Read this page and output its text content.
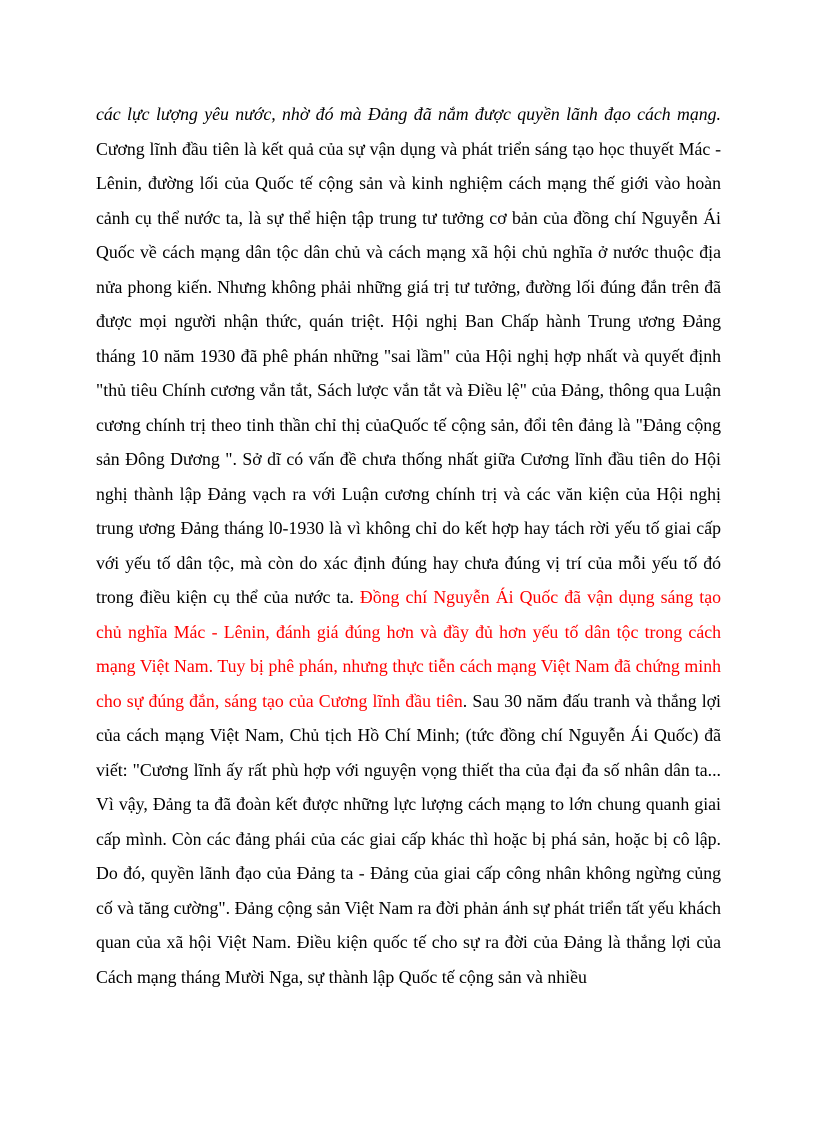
các lực lượng yêu nước, nhờ đó mà Đảng đã nắm được quyền lãnh đạo cách mạng. Cương lĩnh đầu tiên là kết quả của sự vận dụng và phát triển sáng tạo học thuyết Mác - Lênin, đường lối của Quốc tế cộng sản và kinh nghiệm cách mạng thế giới vào hoàn cảnh cụ thể nước ta, là sự thể hiện tập trung tư tưởng cơ bản của đồng chí Nguyễn Ái Quốc về cách mạng dân tộc dân chủ và cách mạng xã hội chủ nghĩa ở nước thuộc địa nửa phong kiến. Nhưng không phải những giá trị tư tưởng, đường lối đúng đắn trên đã được mọi người nhận thức, quán triệt. Hội nghị Ban Chấp hành Trung ương Đảng tháng 10 năm 1930 đã phê phán những "sai lầm" của Hội nghị hợp nhất và quyết định "thủ tiêu Chính cương vắn tắt, Sách lược vắn tắt và Điều lệ" của Đảng, thông qua Luận cương chính trị theo tinh thần chỉ thị củaQuốc tế cộng sản, đổi tên đảng là "Đảng cộng sản Đông Dương ". Sở dĩ có vấn đề chưa thống nhất giữa Cương lĩnh đầu tiên do Hội nghị thành lập Đảng vạch ra với Luận cương chính trị và các văn kiện của Hội nghị trung ương Đảng tháng l0-1930 là vì không chỉ do kết hợp hay tách rời yếu tố giai cấp với yếu tố dân tộc, mà còn do xác định đúng hay chưa đúng vị trí của mỗi yếu tố đó trong điều kiện cụ thể của nước ta. Đồng chí Nguyễn Ái Quốc đã vận dụng sáng tạo chủ nghĩa Mác - Lênin, đánh giá đúng hơn và đầy đủ hơn yếu tố dân tộc trong cách mạng Việt Nam. Tuy bị phê phán, nhưng thực tiễn cách mạng Việt Nam đã chứng minh cho sự đúng đắn, sáng tạo của Cương lĩnh đầu tiên. Sau 30 năm đấu tranh và thắng lợi của cách mạng Việt Nam, Chủ tịch Hồ Chí Minh; (tức đồng chí Nguyễn Ái Quốc) đã viết: "Cương lĩnh ấy rất phù hợp với nguyện vọng thiết tha của đại đa số nhân dân ta... Vì vậy, Đảng ta đã đoàn kết được những lực lượng cách mạng to lớn chung quanh giai cấp mình. Còn các đảng phái của các giai cấp khác thì hoặc bị phá sản, hoặc bị cô lập. Do đó, quyền lãnh đạo của Đảng ta - Đảng của giai cấp công nhân không ngừng củng cố và tăng cường". Đảng cộng sản Việt Nam ra đời phản ánh sự phát triển tất yếu khách quan của xã hội Việt Nam. Điều kiện quốc tế cho sự ra đời của Đảng là thắng lợi của Cách mạng tháng Mười Nga, sự thành lập Quốc tế cộng sản và nhiều
